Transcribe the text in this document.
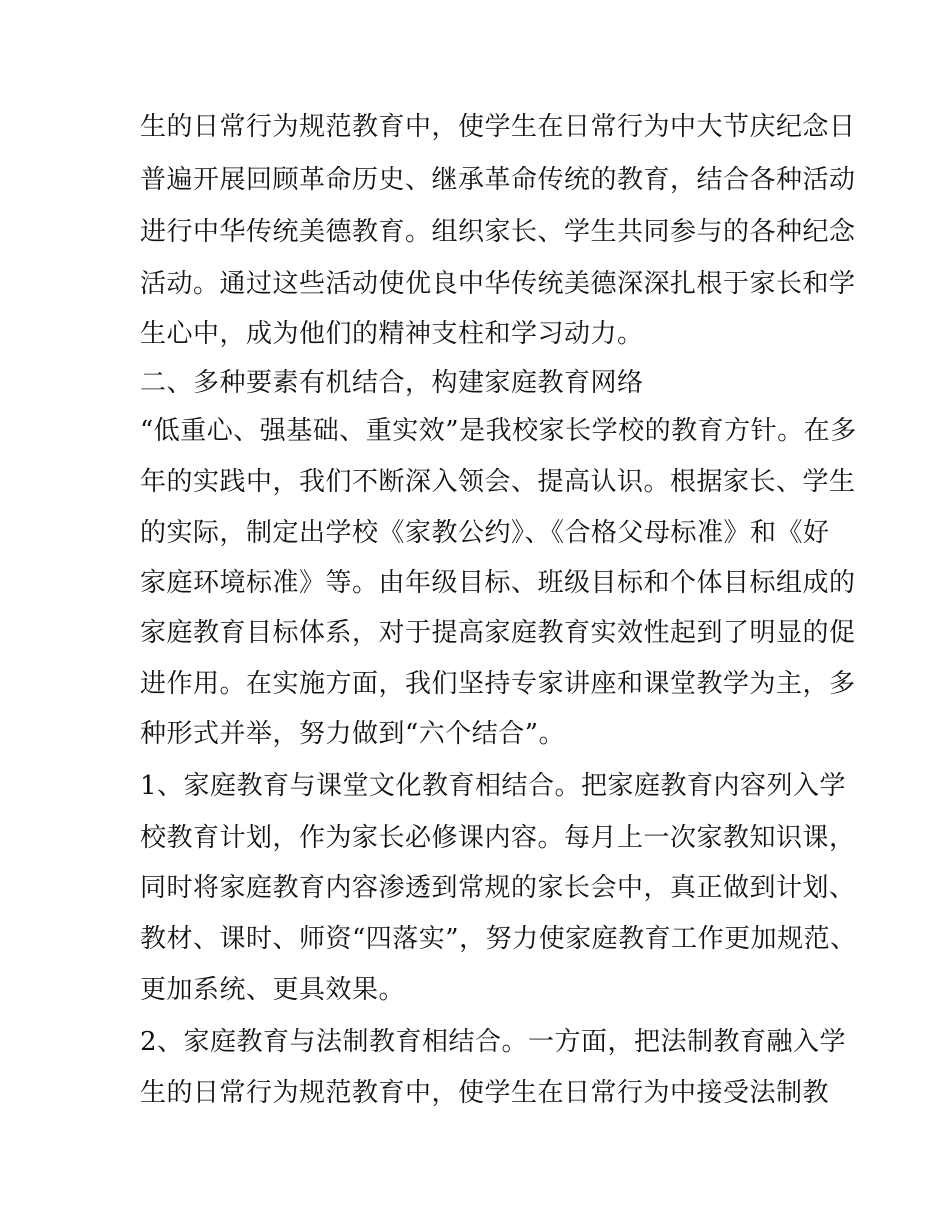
生的日常行为规范教育中，使学生在日常行为中大节庆纪念日
普遍开展回顾革命历史、继承革命传统的教育，结合各种活动
进行中华传统美德教育。组织家长、学生共同参与的各种纪念
活动。通过这些活动使优良中华传统美德深深扎根于家长和学
生心中，成为他们的精神支柱和学习动力。
二、多种要素有机结合，构建家庭教育网络
“低重心、强基础、重实效”是我校家长学校的教育方针。在多
年的实践中，我们不断深入领会、提高认识。根据家长、学生
的实际，制定出学校《家教公约》、《合格父母标准》和《好
家庭环境标准》等。由年级目标、班级目标和个体目标组成的
家庭教育目标体系，对于提高家庭教育实效性起到了明显的促
进作用。在实施方面，我们坚持专家讲座和课堂教学为主，多
种形式并举，努力做到“六个结合”。
1、家庭教育与课堂文化教育相结合。把家庭教育内容列入学
校教育计划，作为家长必修课内容。每月上一次家教知识课，
同时将家庭教育内容渗透到常规的家长会中，真正做到计划、
教材、课时、师资“四落实”，努力使家庭教育工作更加规范、
更加系统、更具效果。
2、家庭教育与法制教育相结合。一方面，把法制教育融入学
生的日常行为规范教育中，使学生在日常行为中接受法制教
